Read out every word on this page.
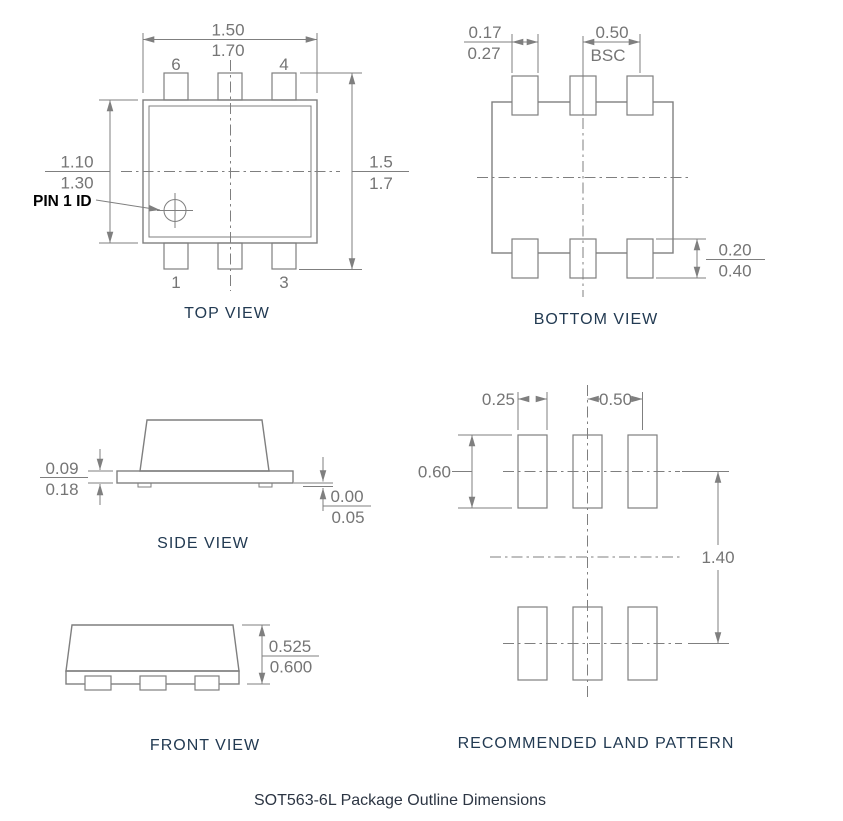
PIN 1 ID
1.50
1.70
1.10
1.30
1.5
1.7
6	4
1	3
TOP VIEW
0.17
0.27
0.50
BSC
0.20
0.40
BOTTOM VIEW
0.09
0.18	0.00
0.05
SIDE VIEW
0.525
0.600
FRONT VIEW
0.25	0.50
0.60
1.40
RECOMMENDED LAND PATTERN
SOT563-6L Package Outline Dimensions
